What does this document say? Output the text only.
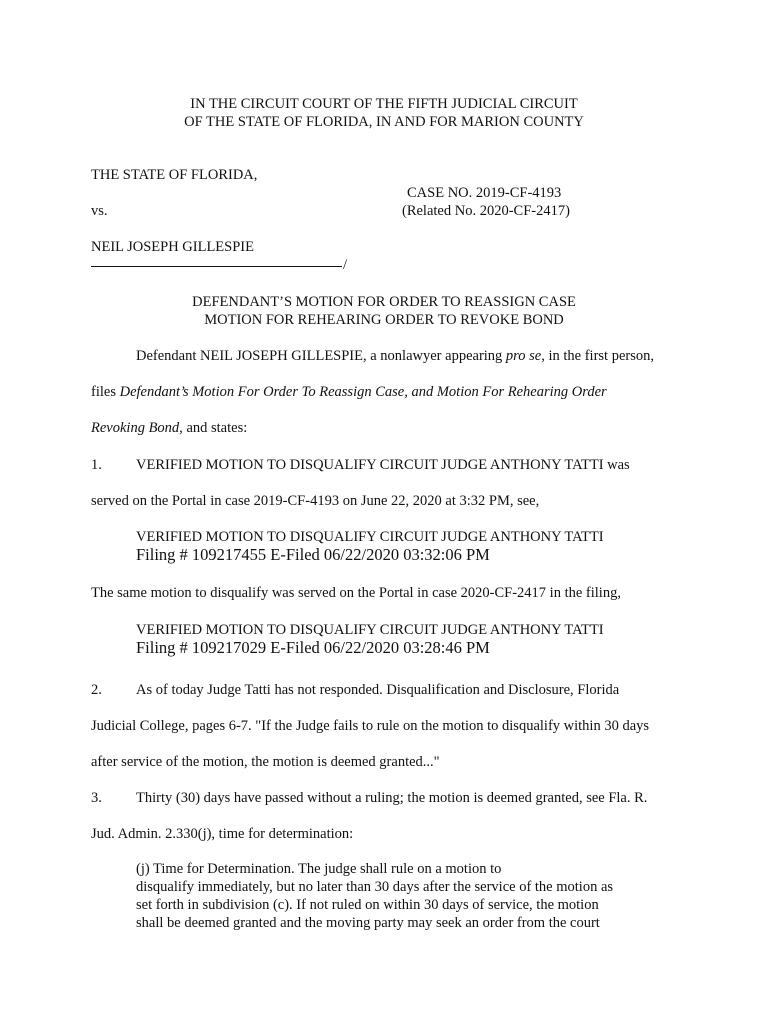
IN THE CIRCUIT COURT OF THE FIFTH JUDICIAL CIRCUIT
OF THE STATE OF FLORIDA, IN AND FOR MARION COUNTY
THE STATE OF FLORIDA,
CASE NO. 2019-CF-4193
vs.	(Related No. 2020-CF-2417)
NEIL JOSEPH GILLESPIE
/
DEFENDANT’S MOTION FOR ORDER TO REASSIGN CASE
MOTION FOR REHEARING ORDER TO REVOKE BOND
Defendant NEIL JOSEPH GILLESPIE, a nonlawyer appearing pro se, in the first person,
files Defendant’s Motion For Order To Reassign Case, and Motion For Rehearing Order
Revoking Bond, and states:
1. VERIFIED MOTION TO DISQUALIFY CIRCUIT JUDGE ANTHONY TATTI was
served on the Portal in case 2019-CF-4193 on June 22, 2020 at 3:32 PM, see,
VERIFIED MOTION TO DISQUALIFY CIRCUIT JUDGE ANTHONY TATTI
Filing # 109217455 E-Filed 06/22/2020 03:32:06 PM
The same motion to disqualify was served on the Portal in case 2020-CF-2417 in the filing,
VERIFIED MOTION TO DISQUALIFY CIRCUIT JUDGE ANTHONY TATTI
Filing # 109217029 E-Filed 06/22/2020 03:28:46 PM
2. As of today Judge Tatti has not responded. Disqualification and Disclosure, Florida
Judicial College, pages 6-7. "If the Judge fails to rule on the motion to disqualify within 30 days
after service of the motion, the motion is deemed granted..."
3. Thirty (30) days have passed without a ruling; the motion is deemed granted, see Fla. R.
Jud. Admin. 2.330(j), time for determination:
(j) Time for Determination. The judge shall rule on a motion to
disqualify immediately, but no later than 30 days after the service of the motion as
set forth in subdivision (c). If not ruled on within 30 days of service, the motion
shall be deemed granted and the moving party may seek an order from the court
